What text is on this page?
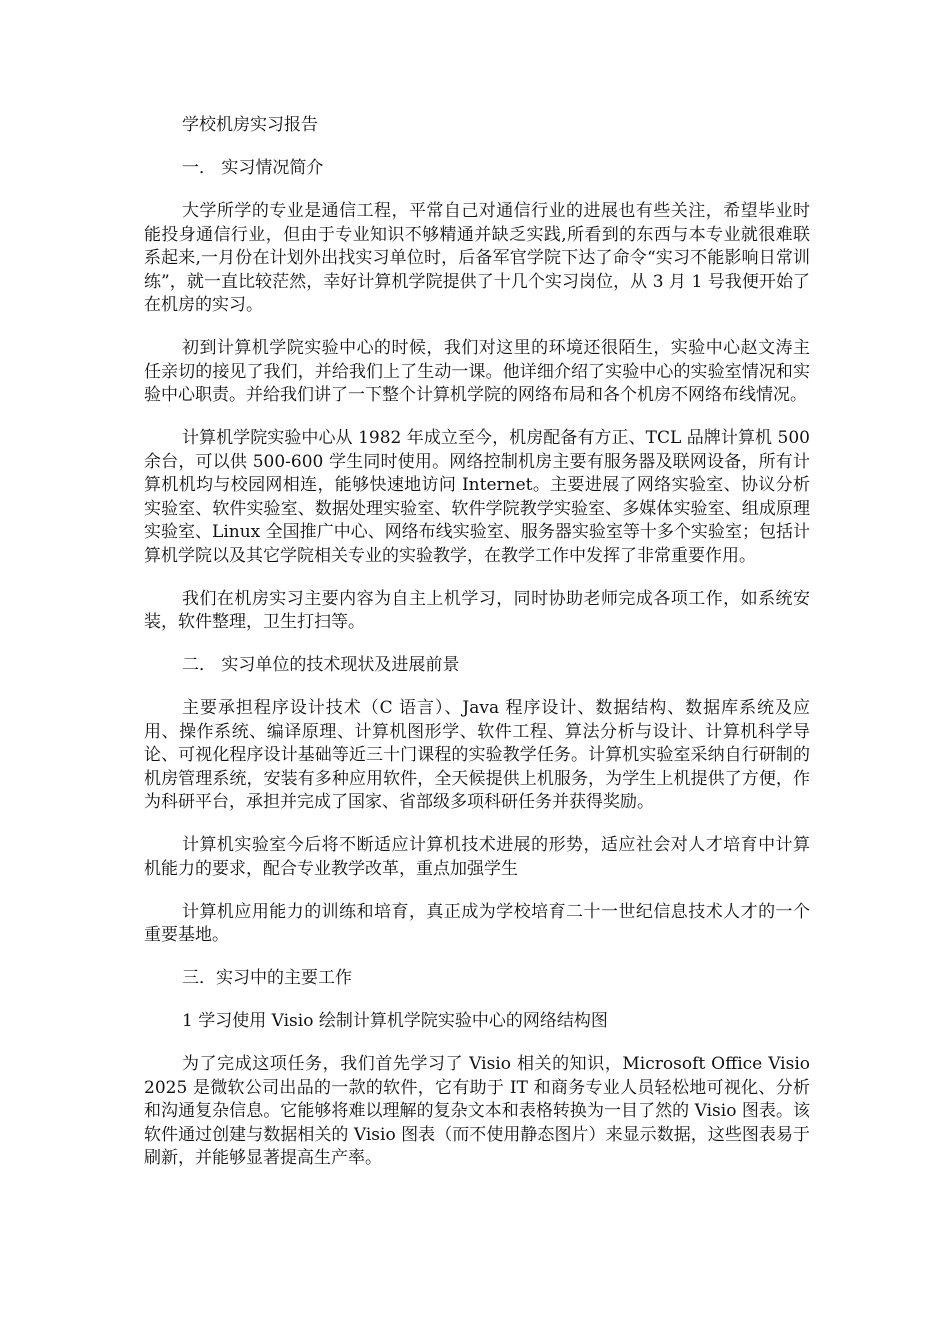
学校机房实习报告

一． 实习情况简介

大学所学的专业是通信工程，平常自己对通信行业的进展也有些关注，希望毕业时能投身通信行业，但由于专业知识不够精通并缺乏实践,所看到的东西与本专业就很难联系起来,一月份在计划外出找实习单位时，后备军官学院下达了命令“实习不能影响日常训练”，就一直比较茫然，幸好计算机学院提供了十几个实习岗位，从 3 月 1 号我便开始了在机房的实习。

初到计算机学院实验中心的时候，我们对这里的环境还很陌生，实验中心赵文涛主任亲切的接见了我们，并给我们上了生动一课。他详细介绍了实验中心的实验室情况和实验中心职责。并给我们讲了一下整个计算机学院的网络布局和各个机房不网络布线情况。

计算机学院实验中心从 1982 年成立至今，机房配备有方正、TCL 品牌计算机 500 余台，可以供 500-600 学生同时使用。网络控制机房主要有服务器及联网设备，所有计算机机均与校园网相连，能够快速地访问 Internet。主要进展了网络实验室、协议分析实验室、软件实验室、数据处理实验室、软件学院教学实验室、多媒体实验室、组成原理实验室、Linux 全国推广中心、网络布线实验室、服务器实验室等十多个实验室；包括计算机学院以及其它学院相关专业的实验教学，在教学工作中发挥了非常重要作用。

我们在机房实习主要内容为自主上机学习，同时协助老师完成各项工作，如系统安装，软件整理，卫生打扫等。

二． 实习单位的技术现状及进展前景

主要承担程序设计技术（C 语言）、Java 程序设计、数据结构、数据库系统及应用、操作系统、编译原理、计算机图形学、软件工程、算法分析与设计、计算机科学导论、可视化程序设计基础等近三十门课程的实验教学任务。计算机实验室采纳自行研制的机房管理系统，安装有多种应用软件，全天候提供上机服务，为学生上机提供了方便，作为科研平台，承担并完成了国家、省部级多项科研任务并获得奖励。

计算机实验室今后将不断适应计算机技术进展的形势，适应社会对人才培育中计算机能力的要求，配合专业教学改革，重点加强学生

计算机应用能力的训练和培育，真正成为学校培育二十一世纪信息技术人才的一个重要基地。

三．实习中的主要工作

1 学习使用 Visio 绘制计算机学院实验中心的网络结构图

为了完成这项任务，我们首先学习了 Visio 相关的知识，Microsoft Office Visio 2025 是微软公司出品的一款的软件，它有助于 IT 和商务专业人员轻松地可视化、分析和沟通复杂信息。它能够将难以理解的复杂文本和表格转换为一目了然的 Visio 图表。该软件通过创建与数据相关的 Visio 图表（而不使用静态图片）来显示数据，这些图表易于刷新，并能够显著提高生产率。
